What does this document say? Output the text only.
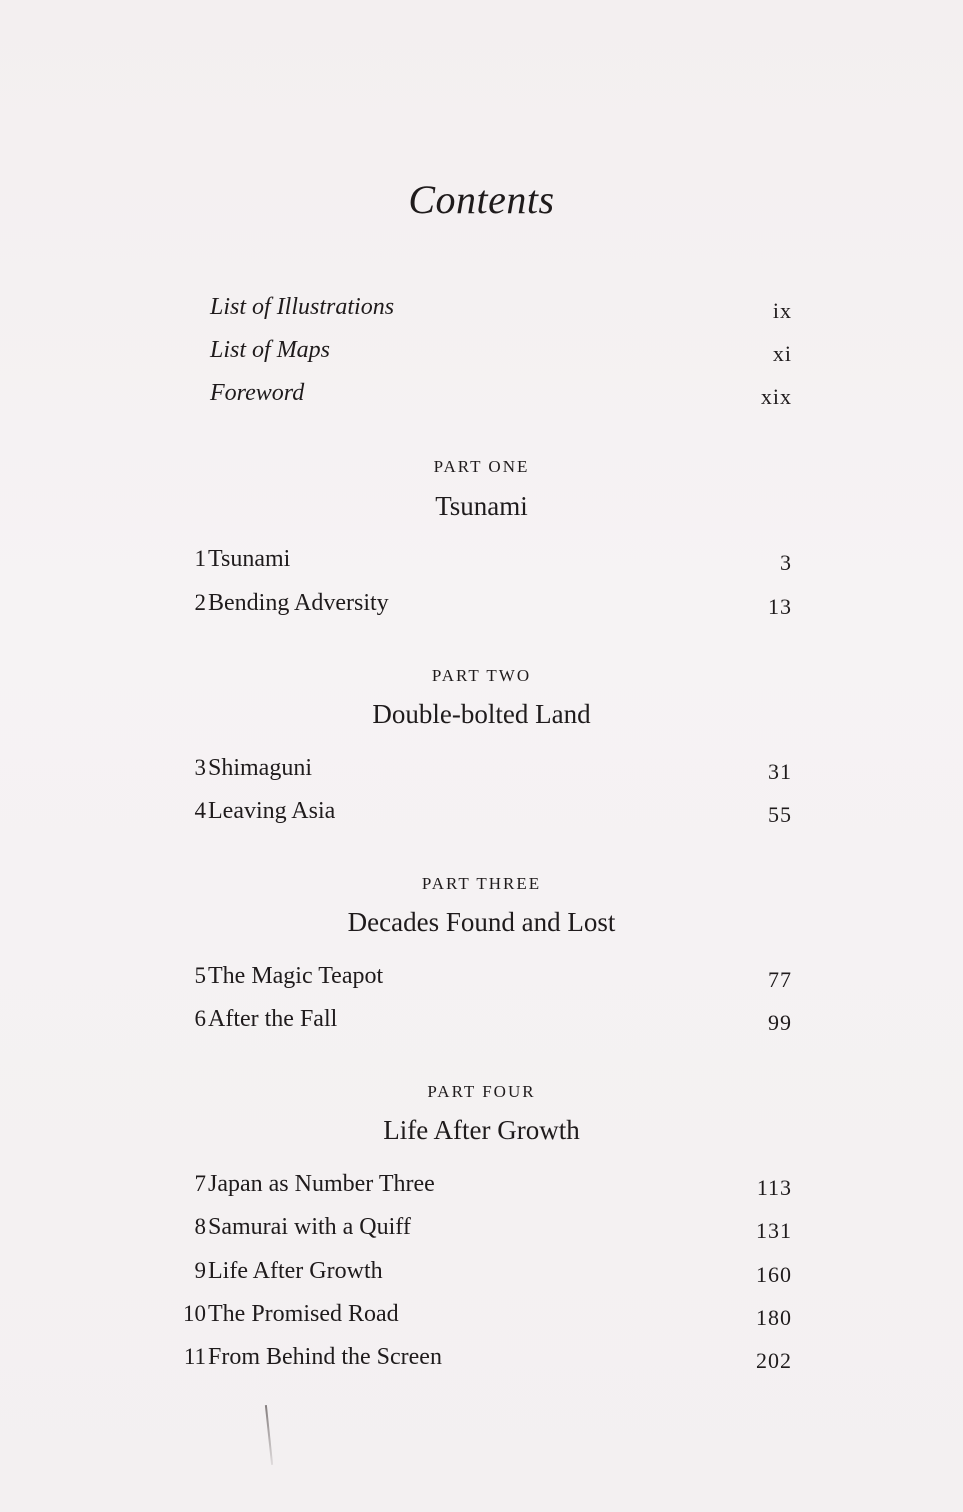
Contents
List of Illustrations	ix
List of Maps	xi
Foreword	xix
PART ONE
Tsunami
1 Tsunami	3
2 Bending Adversity	13
PART TWO
Double-bolted Land
3 Shimaguni	31
4 Leaving Asia	55
PART THREE
Decades Found and Lost
5 The Magic Teapot	77
6 After the Fall	99
PART FOUR
Life After Growth
7 Japan as Number Three	113
8 Samurai with a Quiff	131
9 Life After Growth	160
10 The Promised Road	180
11 From Behind the Screen	202
